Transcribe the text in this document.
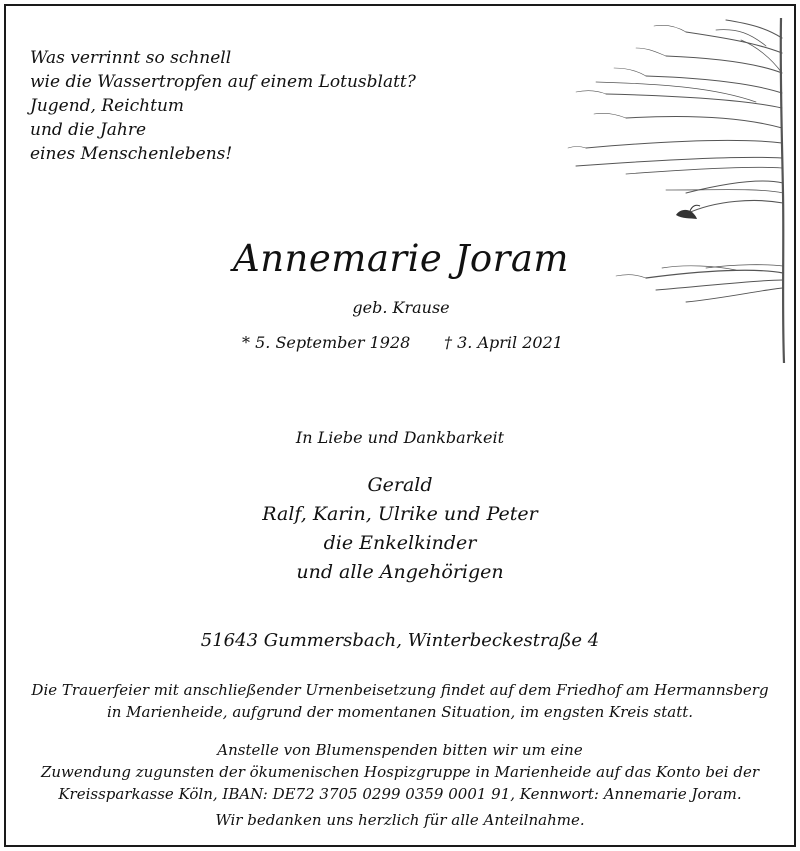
Was verrinnt so schnell
wie die Wassertropfen auf einem Lotusblatt?
Jugend, Reichtum
und die Jahre
eines Menschenlebens!
Annemarie Joram
geb. Krause
* 5. September 1928 † 3. April 2021
In Liebe und Dankbarkeit
Gerald
Ralf, Karin, Ulrike und Peter
die Enkelkinder
und alle Angehörigen
51643 Gummersbach, Winterbeckestraße 4
Die Trauerfeier mit anschließender Urnenbeisetzung findet auf dem Friedhof am Hermannsberg
in Marienheide, aufgrund der momentanen Situation, im engsten Kreis statt.
Anstelle von Blumenspenden bitten wir um eine
Zuwendung zugunsten der ökumenischen Hospizgruppe in Marienheide auf das Konto bei der
Kreissparkasse Köln, IBAN: DE72 3705 0299 0359 0001 91, Kennwort: Annemarie Joram.
Wir bedanken uns herzlich für alle Anteilnahme.
